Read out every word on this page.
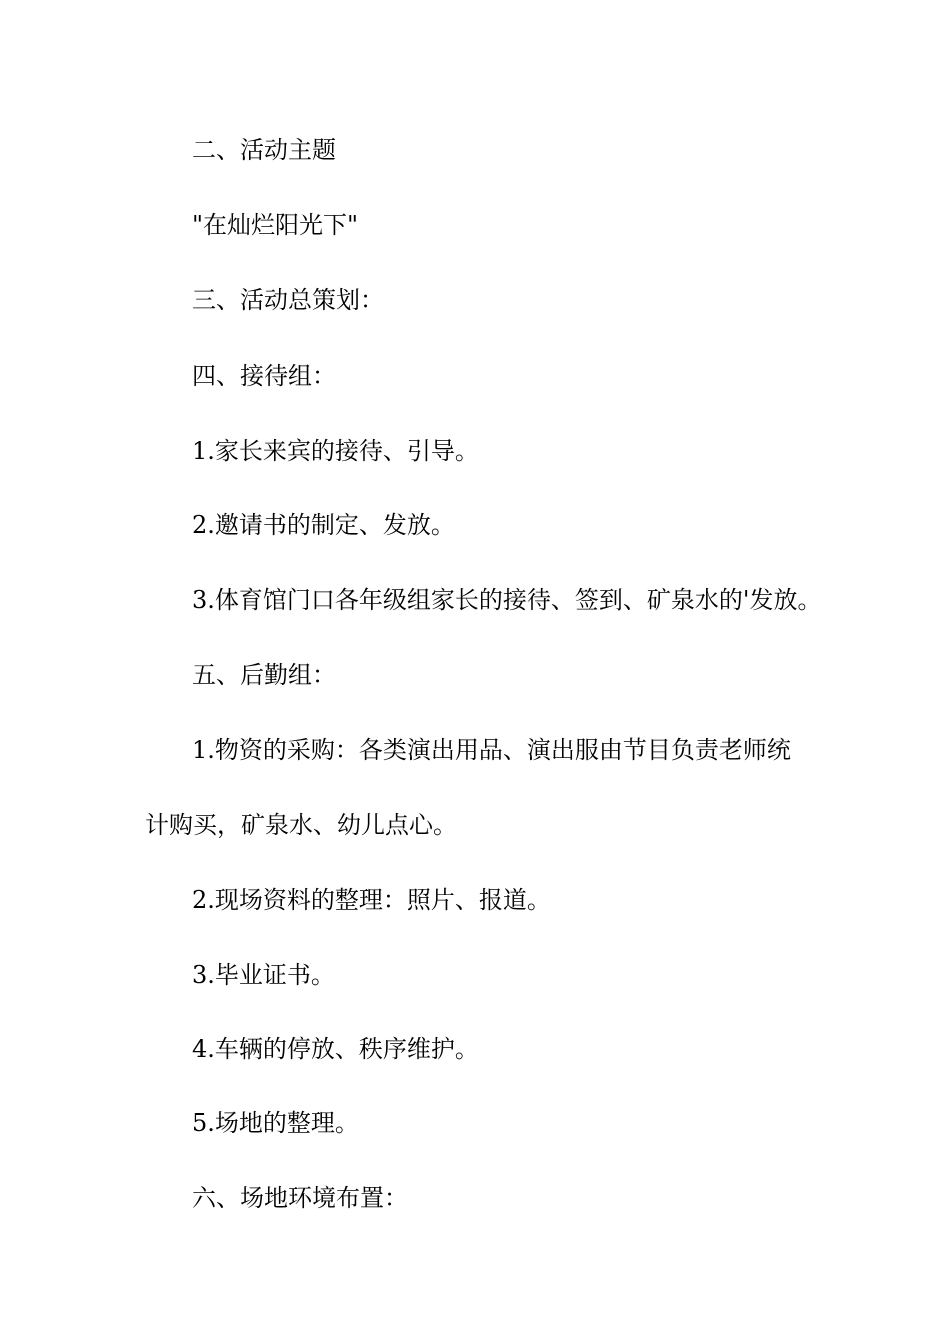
二、活动主题
"在灿烂阳光下"
三、活动总策划：
四、接待组：
1.家长来宾的接待、引导。
2.邀请书的制定、发放。
3.体育馆门口各年级组家长的接待、签到、矿泉水的'发放。
五、后勤组：
1.物资的采购：各类演出用品、演出服由节目负责老师统
计购买，矿泉水、幼儿点心。
2.现场资料的整理：照片、报道。
3.毕业证书。
4.车辆的停放、秩序维护。
5.场地的整理。
六、场地环境布置：
